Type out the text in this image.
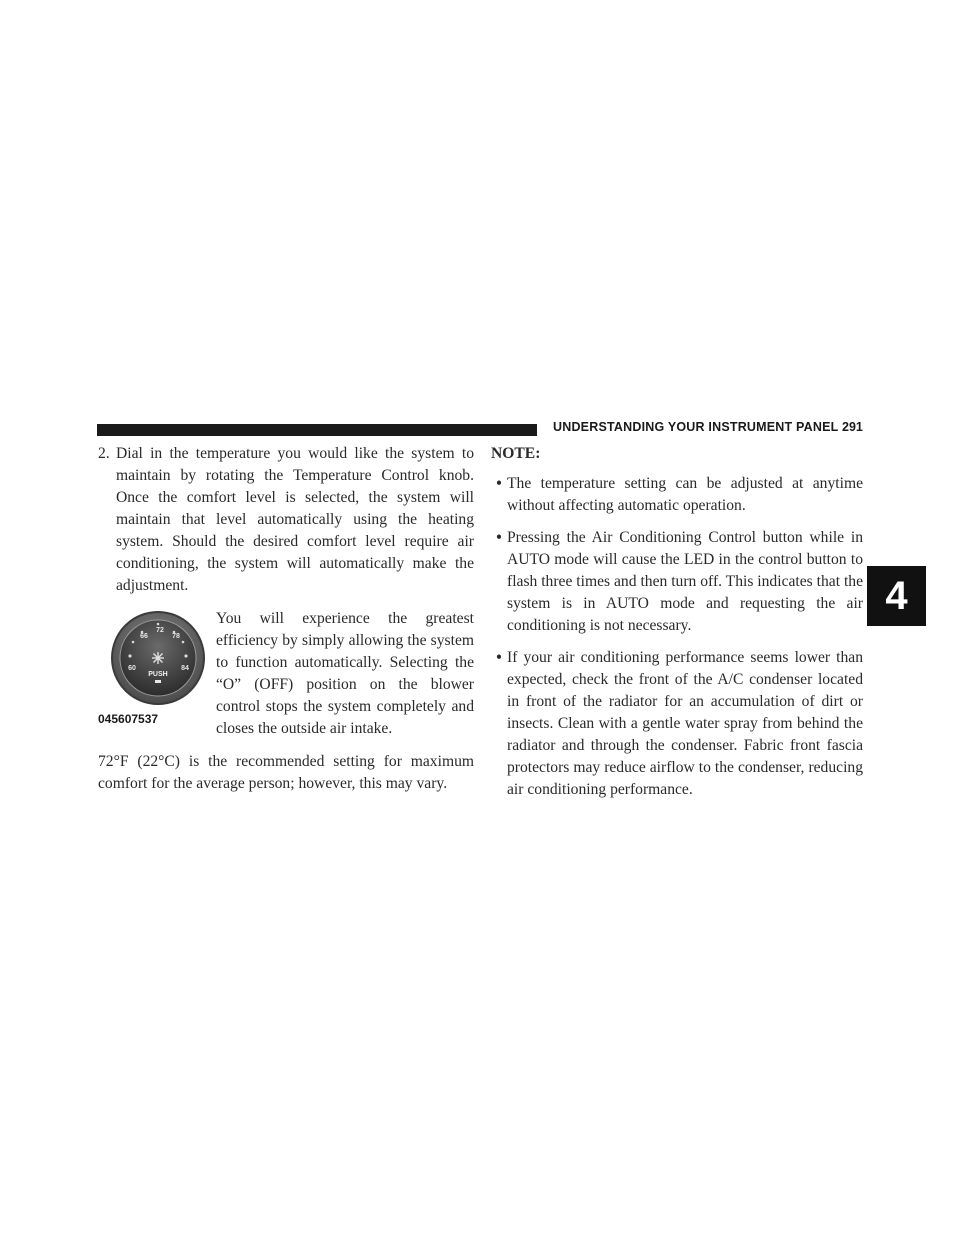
UNDERSTANDING YOUR INSTRUMENT PANEL 291
4

2. Dial in the temperature you would like the system to maintain by rotating the Temperature Control knob. Once the comfort level is selected, the system will maintain that level automatically using the heating system. Should the desired comfort level require air conditioning, the system will automatically make the adjustment.

60
66
72
78
84
PUSH
045607537

You will experience the greatest efficiency by simply allowing the system to function automatically. Selecting the “O” (OFF) position on the blower control stops the system completely and closes the outside air intake.

72°F (22°C) is the recommended setting for maximum comfort for the average person; however, this may vary.

NOTE:

• The temperature setting can be adjusted at anytime without affecting automatic operation.

• Pressing the Air Conditioning Control button while in AUTO mode will cause the LED in the control button to flash three times and then turn off. This indicates that the system is in AUTO mode and requesting the air conditioning is not necessary.

• If your air conditioning performance seems lower than expected, check the front of the A/C condenser located in front of the radiator for an accumulation of dirt or insects. Clean with a gentle water spray from behind the radiator and through the condenser. Fabric front fascia protectors may reduce airflow to the condenser, reducing air conditioning performance.
